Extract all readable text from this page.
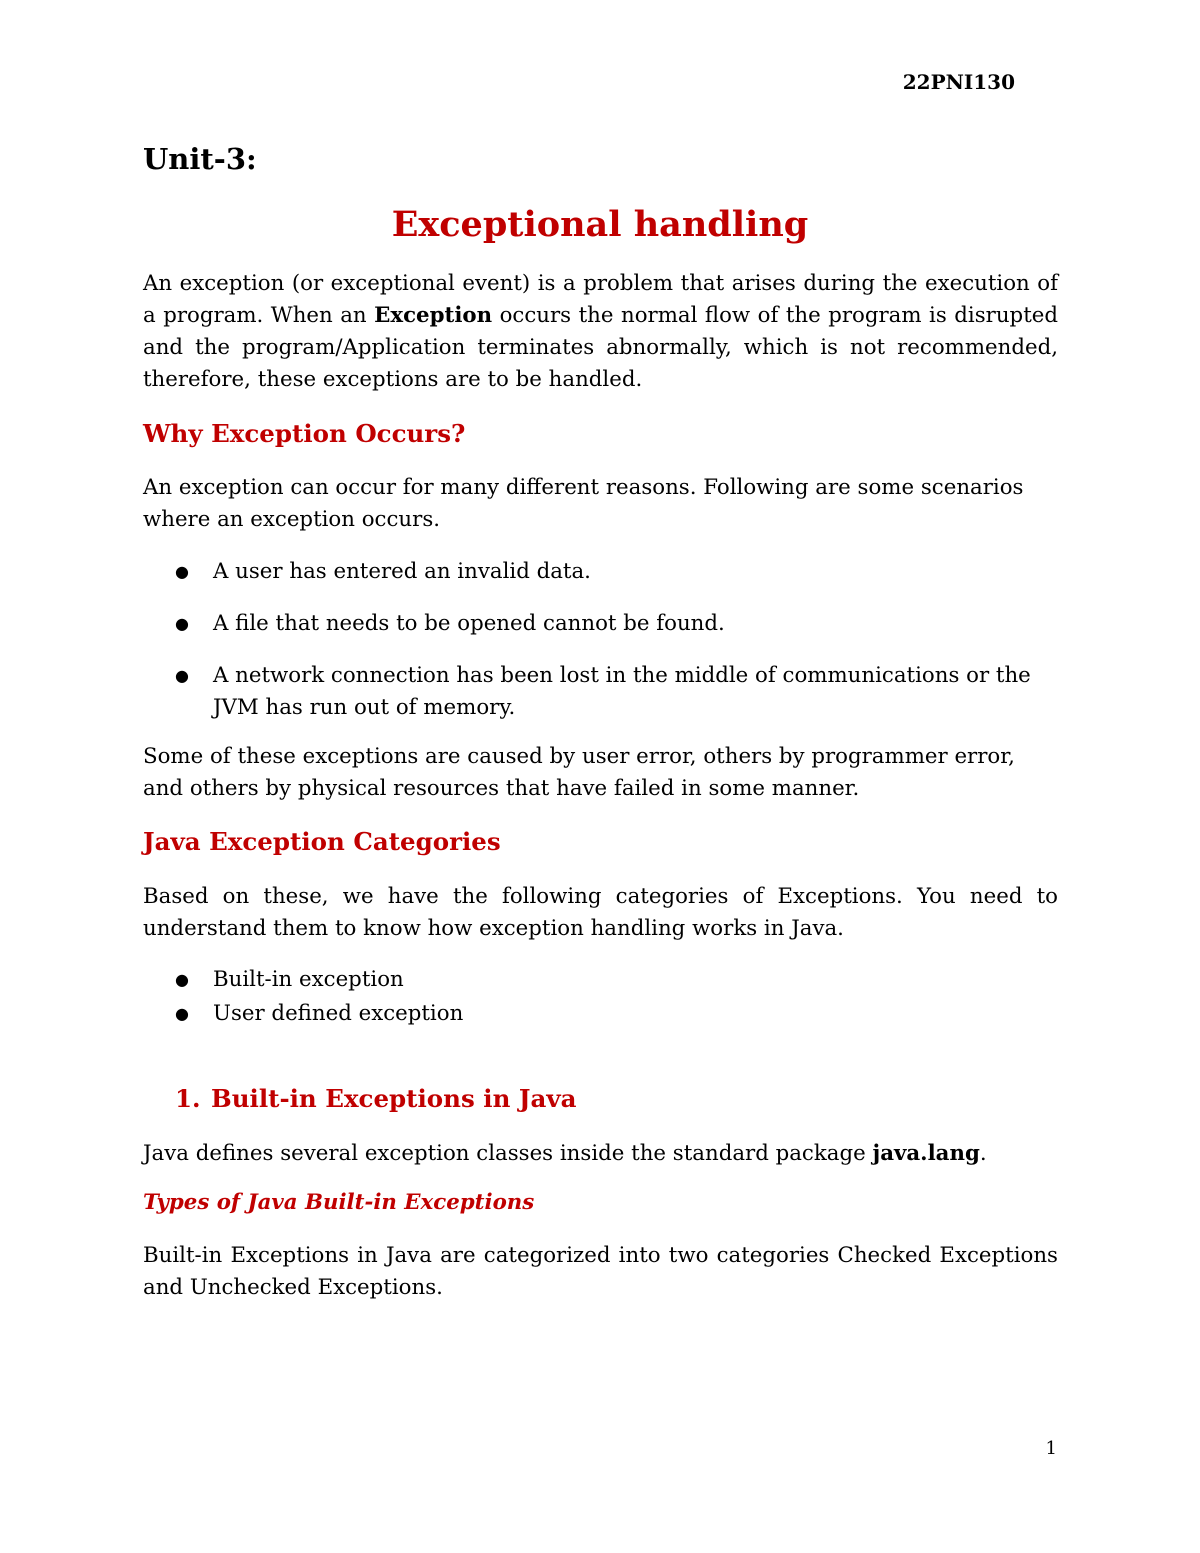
22PNI130
Unit-3:
Exceptional handling

An exception (or exceptional event) is a problem that arises during the execution of a program. When an Exception occurs the normal flow of the program is disrupted and the program/Application terminates abnormally, which is not recommended, therefore, these exceptions are to be handled.

Why Exception Occurs?

An exception can occur for many different reasons. Following are some scenarios where an exception occurs.

● A user has entered an invalid data.
● A file that needs to be opened cannot be found.
● A network connection has been lost in the middle of communications or the JVM has run out of memory.

Some of these exceptions are caused by user error, others by programmer error, and others by physical resources that have failed in some manner.

Java Exception Categories

Based on these, we have the following categories of Exceptions. You need to understand them to know how exception handling works in Java.

● Built-in exception
● User defined exception
1. Built-in Exceptions in Java

Java defines several exception classes inside the standard package java.lang.

Types of Java Built-in Exceptions

Built-in Exceptions in Java are categorized into two categories Checked Exceptions and Unchecked Exceptions.

1
